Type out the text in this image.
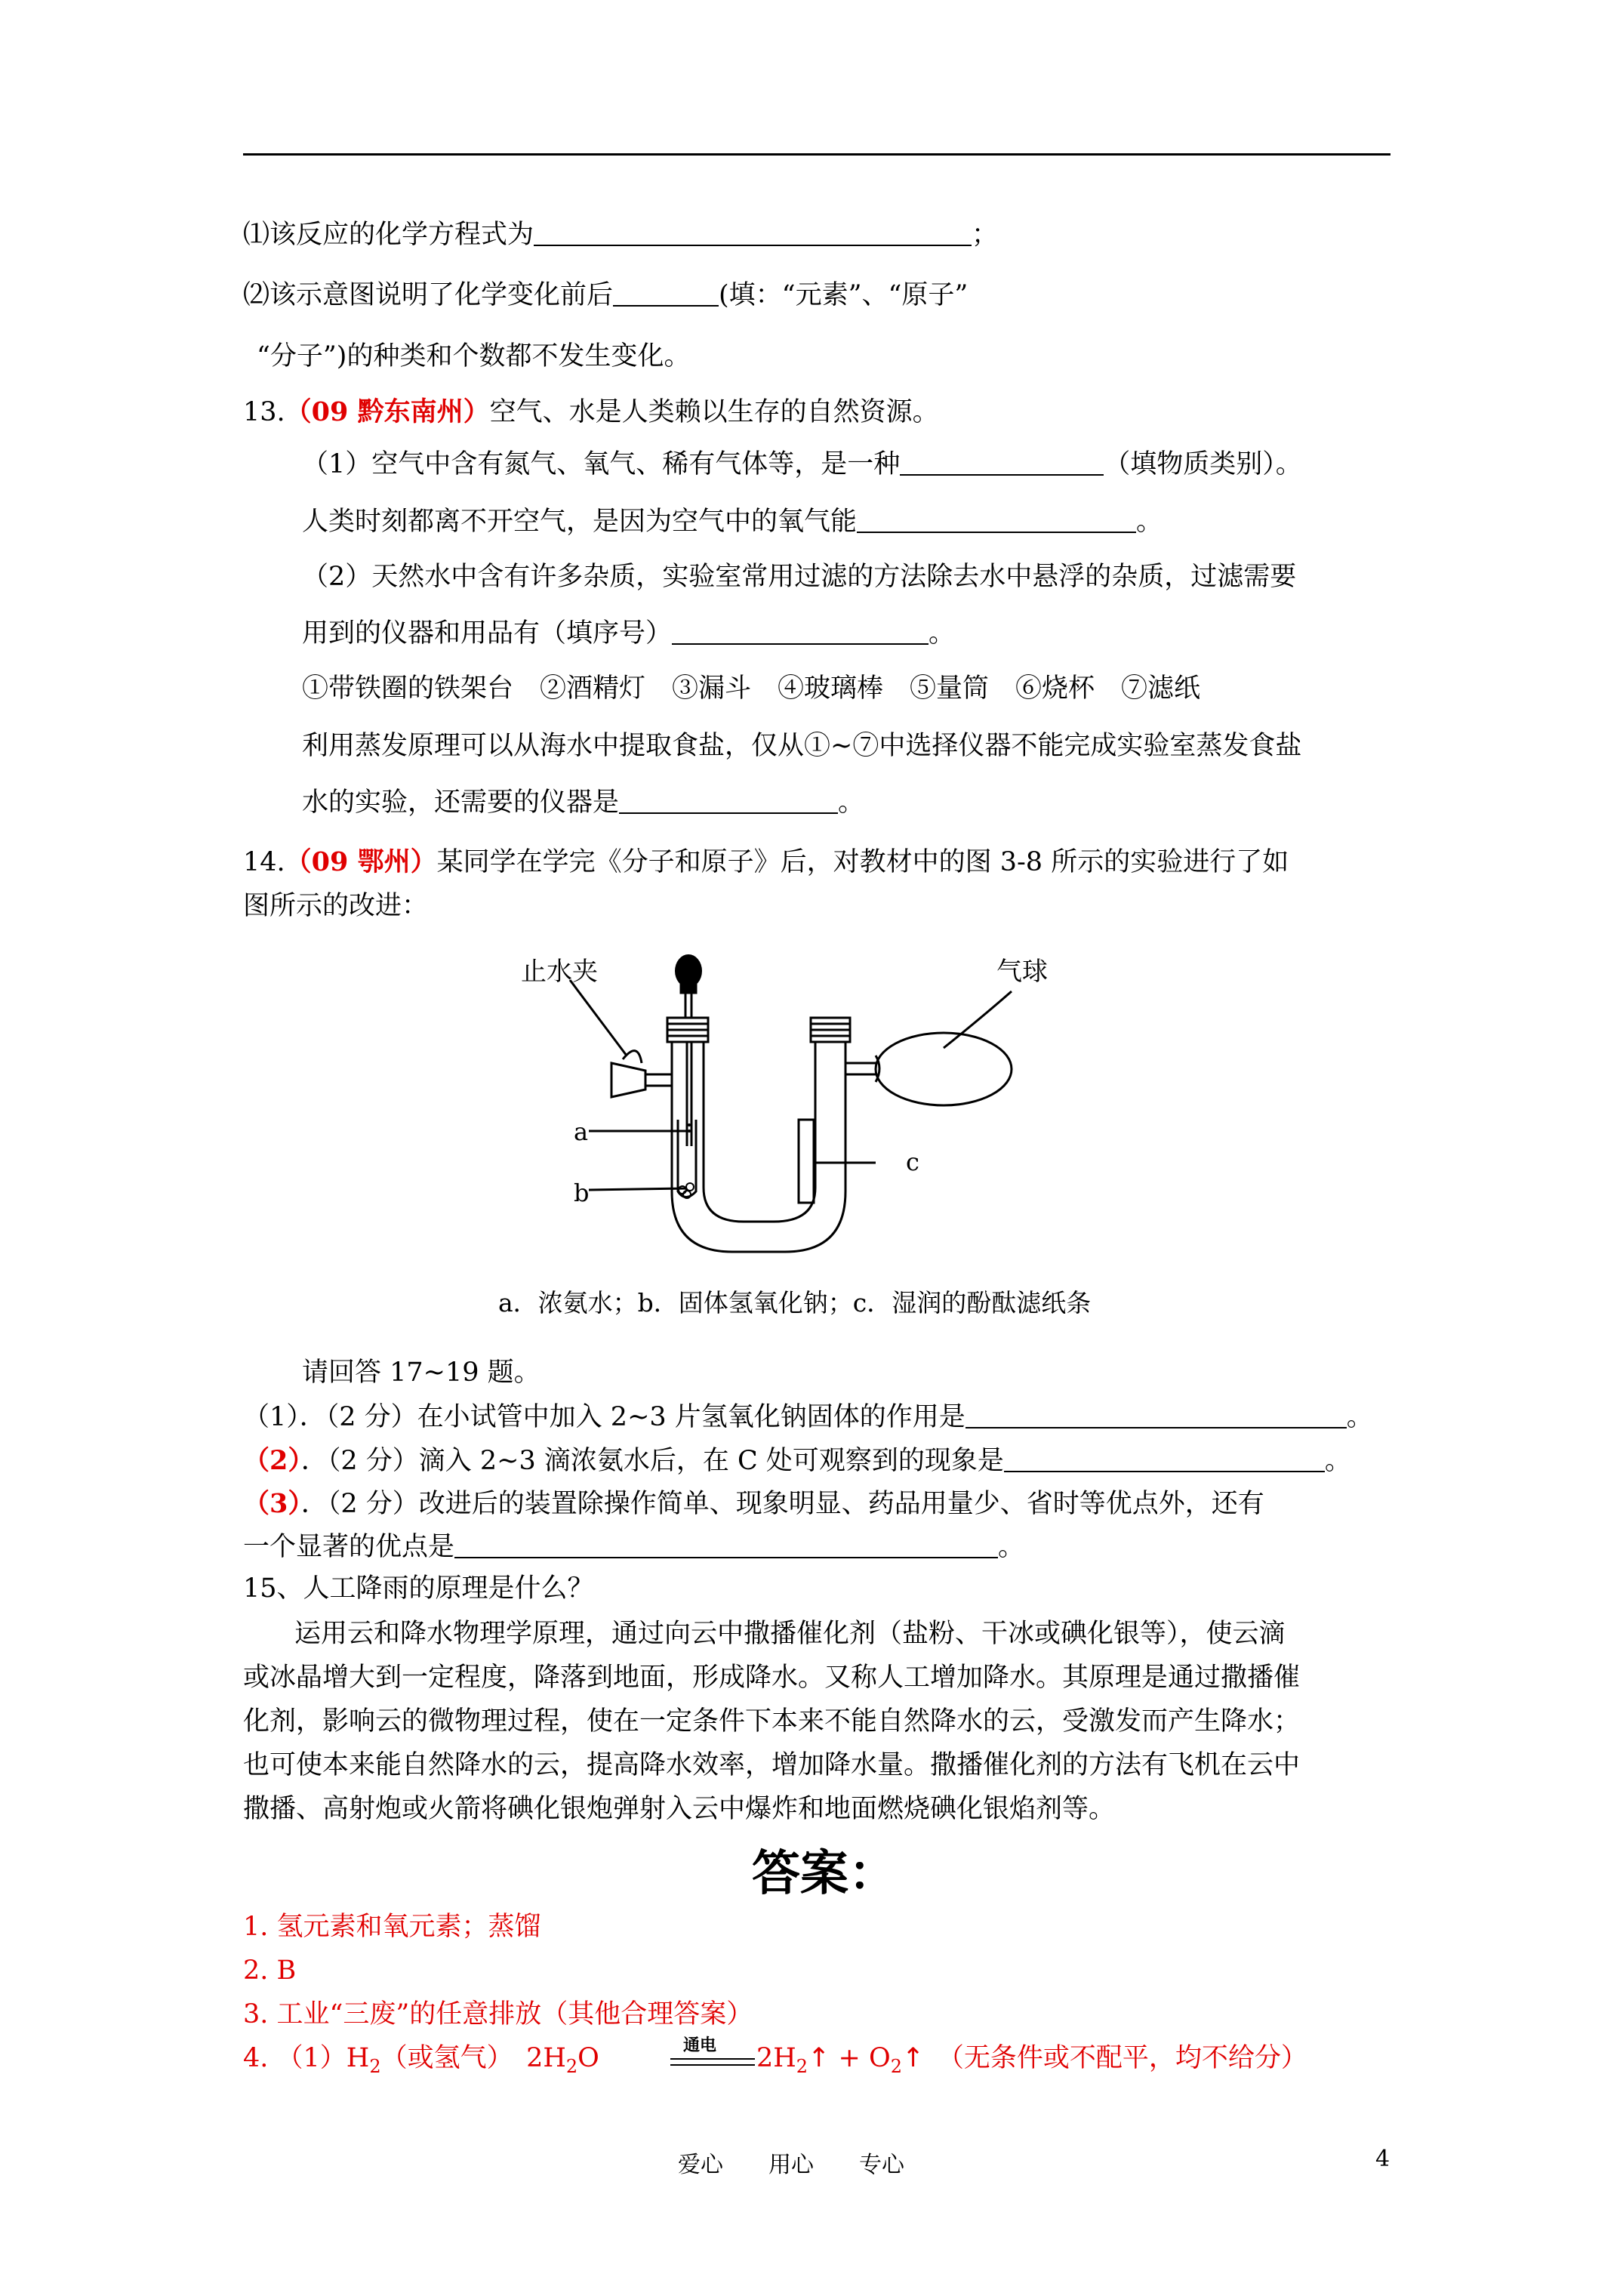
⑴该反应的化学方程式为	；
⑵该示意图说明了化学变化前后	(填：“元素”、“原子”
“分子”)的种类和个数都不发生变化。
13.（09 黔东南州）空气、水是人类赖以生存的自然资源。
（1）空气中含有氮气、氧气、稀有气体等，是一种	（填物质类别）。
人类时刻都离不开空气，是因为空气中的氧气能	。
（2）天然水中含有许多杂质，实验室常用过滤的方法除去水中悬浮的杂质，过滤需要
用到的仪器和用品有（填序号）	。
①带铁圈的铁架台　②酒精灯　③漏斗　④玻璃棒　⑤量筒　⑥烧杯　⑦滤纸
利用蒸发原理可以从海水中提取食盐，仅从①~⑦中选择仪器不能完成实验室蒸发食盐
水的实验，还需要的仪器是	。
14.（09 鄂州）某同学在学完《分子和原子》后，对教材中的图 3-8 所示的实验进行了如
图所示的改进：
止水夹	气球
a
b
c
a．浓氨水；b．固体氢氧化钠；c．湿润的酚酞滤纸条
请回答 17~19 题。
（1）．（2 分）在小试管中加入 2~3 片氢氧化钠固体的作用是	。
（2）．（2 分）滴入 2~3 滴浓氨水后，在 C 处可观察到的现象是	。
（3）．（2 分）改进后的装置除操作简单、现象明显、药品用量少、省时等优点外，还有
一个显著的优点是	。
15、人工降雨的原理是什么？
运用云和降水物理学原理，通过向云中撒播催化剂（盐粉、干冰或碘化银等），使云滴
或冰晶增大到一定程度，降落到地面，形成降水。又称人工增加降水。其原理是通过撒播催
化剂，影响云的微物理过程，使在一定条件下本来不能自然降水的云，受激发而产生降水；
也可使本来能自然降水的云，提高降水效率，增加降水量。撒播催化剂的方法有飞机在云中
撒播、高射炮或火箭将碘化银炮弹射入云中爆炸和地面燃烧碘化银焰剂等。
答案：
1. 氢元素和氧元素；蒸馏
2. B
3. 工业“三废”的任意排放（其他合理答案）
4. $(1)H_2$（或氢气）　$2H_2O$	通电 $2H_2↑$ + $O_2↑$　 （无条件或不配平，均不给分）
爱心　　用心　　专心	4
